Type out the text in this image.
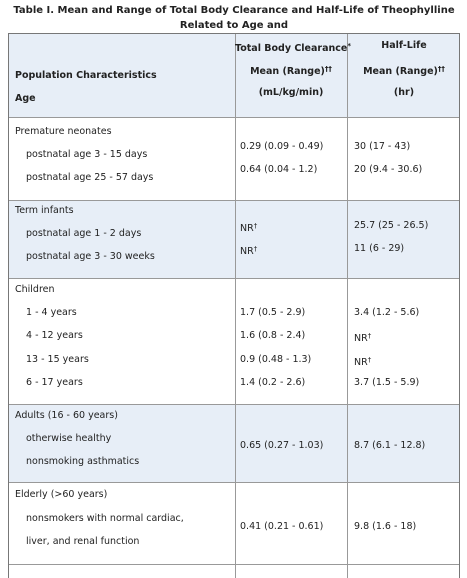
Table I. Mean and Range of Total Body Clearance and Half-Life of Theophylline Related to Age and
Population Characteristics
Age
Total Body Clearance*
Mean (Range)††
(mL/kg/min)
Half-Life
Mean (Range)††
(hr)
Premature neonates
postnatal age 3 - 15 days
postnatal age 25 - 57 days
0.29 (0.09 - 0.49)
0.64 (0.04 - 1.2)
30 (17 - 43)
20 (9.4 - 30.6)
Term infants
postnatal age 1 - 2 days
postnatal age 3 - 30 weeks
NR†
NR†
25.7 (25 - 26.5)
11 (6 - 29)
Children
1 - 4 years
4 - 12 years
13 - 15 years
6 - 17 years
1.7 (0.5 - 2.9)
1.6 (0.8 - 2.4)
0.9 (0.48 - 1.3)
1.4 (0.2 - 2.6)
3.4 (1.2 - 5.6)
NR†
NR†
3.7 (1.5 - 5.9)
Adults (16 - 60 years)
otherwise healthy
nonsmoking asthmatics
0.65 (0.27 - 1.03)	8.7 (6.1 - 12.8)
Elderly (>60 years)
nonsmokers with normal cardiac,
liver, and renal function
0.41 (0.21 - 0.61)	9.8 (1.6 - 18)
